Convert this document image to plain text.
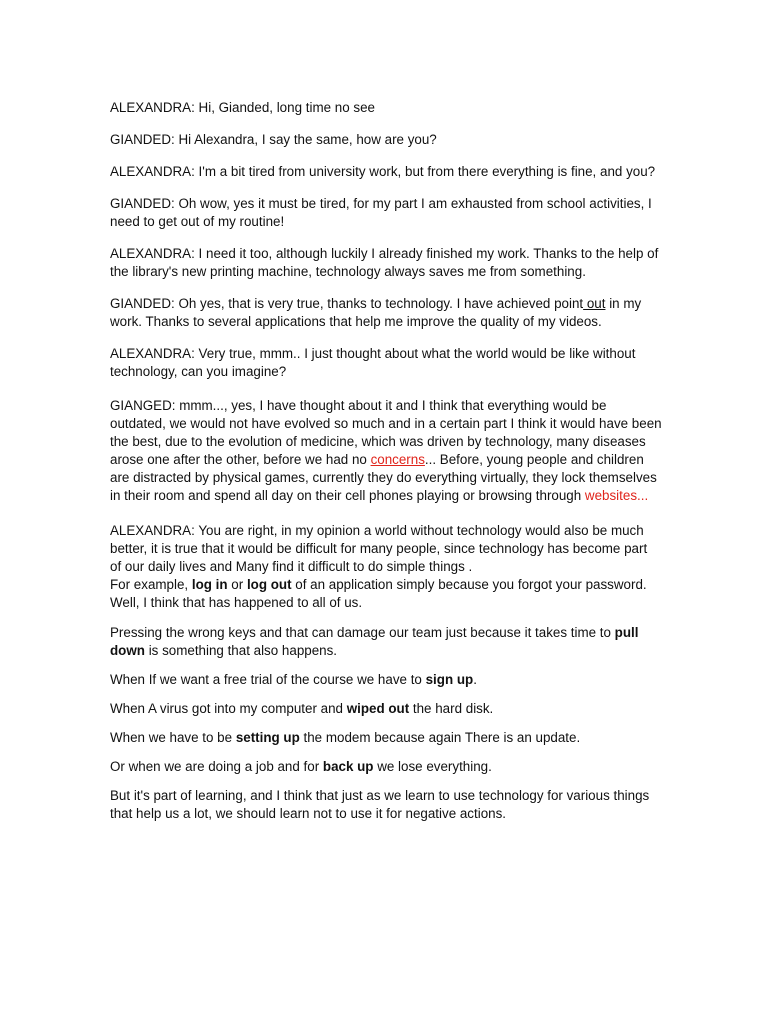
ALEXANDRA: Hi, Gianded, long time no see

GIANDED: Hi Alexandra, I say the same, how are you?

ALEXANDRA: I'm a bit tired from university work, but from there everything is fine, and you?

GIANDED: Oh wow, yes it must be tired, for my part I am exhausted from school activities, I need to get out of my routine!

ALEXANDRA: I need it too, although luckily I already finished my work. Thanks to the help of the library's new printing machine, technology always saves me from something.

GIANDED: Oh yes, that is very true, thanks to technology. I have achieved point out in my work. Thanks to several applications that help me improve the quality of my videos.

ALEXANDRA: Very true, mmm.. I just thought about what the world would be like without technology, can you imagine?

GIANGED: mmm..., yes, I have thought about it and I think that everything would be outdated, we would not have evolved so much and in a certain part I think it would have been the best, due to the evolution of medicine, which was driven by technology, many diseases arose one after the other, before we had no concerns... Before, young people and children are distracted by physical games, currently they do everything virtually, they lock themselves in their room and spend all day on their cell phones playing or browsing through websites...

ALEXANDRA: You are right, in my opinion a world without technology would also be much better, it is true that it would be difficult for many people, since technology has become part of our daily lives and Many find it difficult to do simple things .

For example, log in or log out of an application simply because you forgot your password. Well, I think that has happened to all of us.

Pressing the wrong keys and that can damage our team just because it takes time to pull down is something that also happens.

When If we want a free trial of the course we have to sign up.

When A virus got into my computer and wiped out the hard disk.

When we have to be setting up the modem because again There is an update.

Or when we are doing a job and for back up we lose everything.

But it's part of learning, and I think that just as we learn to use technology for various things that help us a lot, we should learn not to use it for negative actions.
